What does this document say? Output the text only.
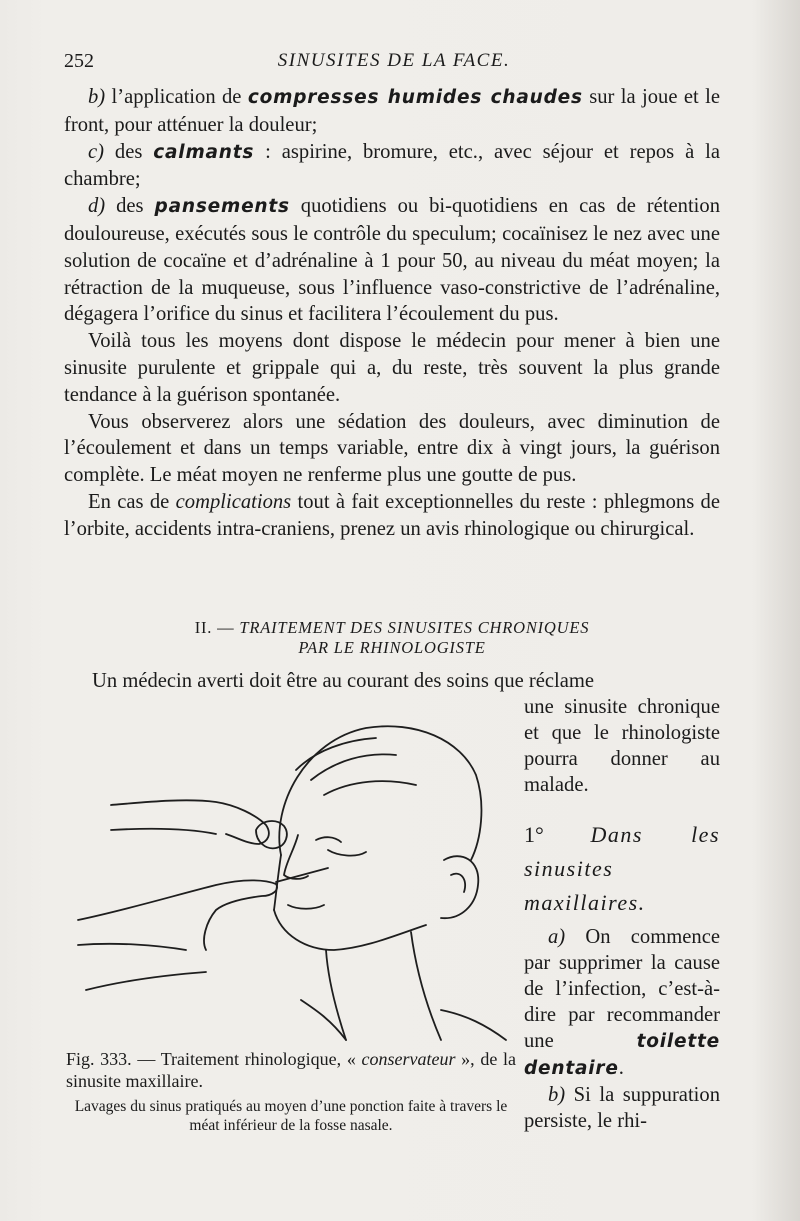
252	SINUSITES DE LA FACE.

b) l’application de compresses humides chaudes sur la joue et le front, pour atténuer la douleur;

c) des calmants : aspirine, bromure, etc., avec séjour et repos à la chambre;

d) des pansements quotidiens ou bi-quotidiens en cas de rétention douloureuse, exécutés sous le contrôle du speculum; cocaïnisez le nez avec une solution de cocaïne et d’adrénaline à 1 pour 50, au niveau du méat moyen; la rétraction de la muqueuse, sous l’influence vaso-constrictive de l’adrénaline, dégagera l’orifice du sinus et facilitera l’écoulement du pus.

Voilà tous les moyens dont dispose le médecin pour mener à bien une sinusite purulente et grippale qui a, du reste, très souvent la plus grande tendance à la guérison spontanée.

Vous observerez alors une sédation des douleurs, avec diminution de l’écoulement et dans un temps variable, entre dix à vingt jours, la guérison complète. Le méat moyen ne renferme plus une goutte de pus.

En cas de complications tout à fait exceptionnelles du reste : phlegmons de l’orbite, accidents intra-craniens, prenez un avis rhinologique ou chirurgical.

II. — TRAITEMENT DES SINUSITES CHRONIQUES
PAR LE RHINOLOGISTE
Un médecin averti doit être au courant des soins que réclame

une sinusite chronique et que le rhinologiste pourra donner au malade.

1° Dans les sinusites maxillaires.

a) On commence par supprimer la cause de l’infection, c’est-à-dire par recommander une toilette dentaire.

b) Si la suppuration persiste, le rhi-

Fig. 333. — Traitement rhinologique, « conservateur », de la sinusite maxillaire.
Lavages du sinus pratiqués au moyen d’une ponction faite à travers le méat inférieur de la fosse nasale.
